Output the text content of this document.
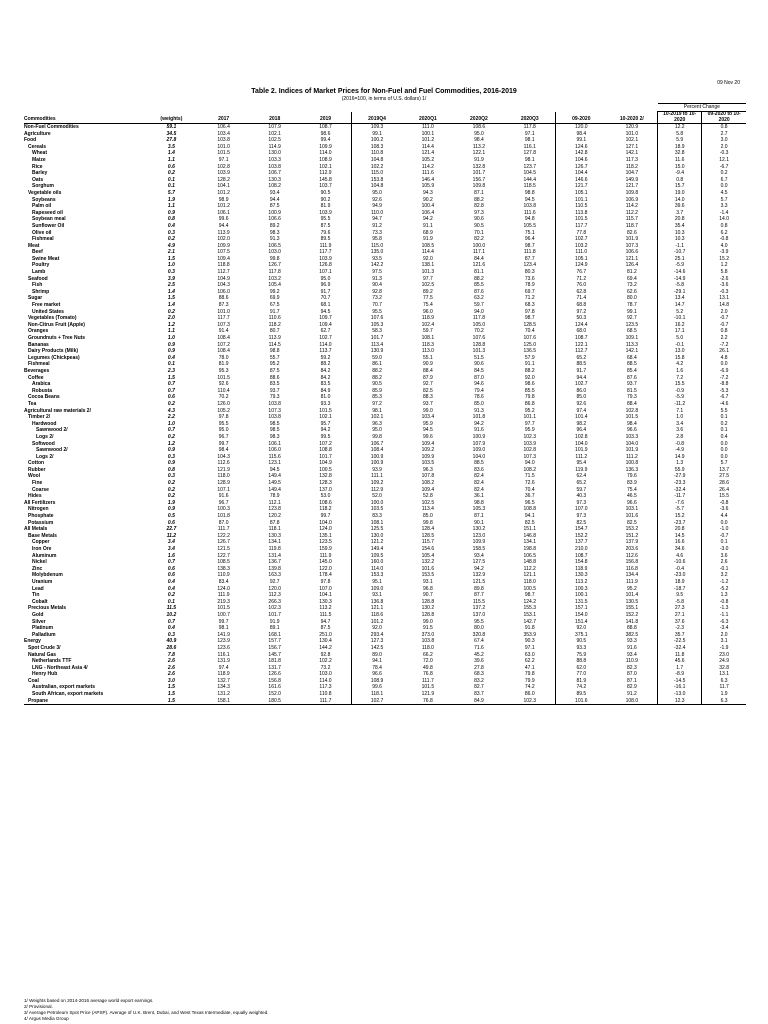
09 Nov 20
Table 2. Indices of Market Prices for Non-Fuel and Fuel Commodities, 2016-2019
(2016=100, in terms of U.S. dollars) 1/
											Percent Change	
Commodities	(weights)	2017	2018	2019	2019Q4	2020Q1	2020Q2	2020Q3	09-2020	10-2020 2/	10-2019 to 10-2020	09-2020 to 10-2020
Non-Fuel Commodities	59.1	106.4	107.9	108.7	109.3	111.0	108.6	117.8	120.0	120.9	12.2	0.8
Agriculture	34.5	103.4	102.1	98.6	99.1	100.1	95.0	97.1	98.4	101.0	5.8	2.7
Food	27.8	103.8	102.5	99.4	100.2	101.2	98.4	98.1	99.1	102.1	5.9	3.0
Cereals	3.5	101.0	114.9	109.9	108.3	114.4	113.2	116.1	124.6	127.1	18.9	2.0
Wheat	1.4	101.5	130.0	114.0	110.8	121.4	122.1	127.8	142.8	142.1	32.8	-0.3
Maize	1.1	97.1	103.3	108.9	104.8	105.2	91.9	98.1	104.6	117.3	11.6	12.1
Rice	0.6	102.8	103.8	102.1	102.2	114.2	132.8	123.7	126.7	118.2	15.0	-6.7
Barley	0.2	103.9	106.7	112.9	115.0	111.6	101.7	104.5	104.4	104.7	-9.4	0.2
Oats	0.1	128.2	130.3	145.8	153.8	146.4	156.7	144.4	146.6	149.9	0.8	6.7
Sorghum	0.1	104.1	108.2	103.7	104.8	105.9	109.8	118.5	121.7	121.7	15.7	0.0
Vegetable oils	5.7	101.2	93.4	90.5	95.0	94.3	87.1	98.8	105.1	109.8	19.0	4.5
Soybeans	1.9	98.9	94.4	90.2	92.6	90.2	88.2	94.5	101.1	106.9	14.0	5.7
Palm oil	1.1	101.2	87.5	81.9	94.9	100.4	82.8	103.8	110.5	114.2	39.6	3.3
Rapeseed oil	0.9	106.1	100.9	103.9	110.0	106.4	97.3	111.6	113.8	112.2	3.7	-1.4
Soybean meal	0.8	99.6	106.6	95.5	94.7	94.2	90.6	94.8	101.5	115.7	20.8	14.0
Sunflower Oil	0.4	94.4	89.2	87.5	91.2	91.1	90.5	105.5	117.7	118.7	35.4	0.8
Olive oil	0.3	113.9	98.3	79.6	73.3	68.9	70.1	75.1	77.8	82.6	10.3	6.2
Fishmeal	0.2	102.0	91.3	89.5	95.8	91.9	82.2	96.4	102.7	101.9	10.3	-0.8
Meat	4.9	109.9	106.5	111.9	115.0	108.5	100.0	98.7	103.2	107.3	-1.1	4.0
Beef	2.1	107.5	103.0	117.7	135.0	114.4	117.1	111.8	111.0	106.6	-10.7	-3.9
Swine Meat	1.5	109.4	99.8	103.9	93.5	92.0	84.4	87.7	105.1	121.1	25.1	15.2
Poultry	1.0	118.8	126.7	126.8	142.2	138.1	121.6	123.4	124.9	126.4	-5.9	1.2
Lamb	0.3	112.7	117.8	107.1	97.5	101.3	81.1	80.3	76.7	81.2	-14.6	5.8
Seafood	3.9	104.9	103.2	95.0	91.3	97.7	88.2	73.6	71.2	69.4	-14.9	-2.6
Fish	2.5	104.3	105.4	96.9	90.4	102.5	85.5	78.9	76.0	73.2	-5.8	-3.6
Shrimp	1.4	106.0	99.2	91.7	92.8	89.2	87.6	69.7	62.8	62.6	-29.1	-0.3
Sugar	1.5	88.6	69.9	70.7	73.2	77.5	63.2	71.2	71.4	80.0	13.4	13.1
Free market	1.4	87.3	67.5	68.1	70.7	75.4	59.7	68.3	68.8	78.7	14.7	14.8
United States	0.2	101.0	91.7	94.5	95.5	96.0	94.0	97.8	97.2	99.1	5.2	2.0
Vegetables (Tomato)	2.0	117.7	110.6	109.7	107.6	118.9	117.8	98.7	50.3	92.7	-10.1	-0.7
Non-Citrus Fruit (Apple)	1.2	107.3	118.2	109.4	105.3	102.4	105.0	128.5	124.4	123.5	16.2	-0.7
Oranges	1.1	91.4	80.7	62.7	58.3	59.7	70.2	70.4	68.0	68.5	17.1	0.8
Groundnuts + Tree Nuts	1.0	108.4	113.9	102.7	101.7	108.1	107.6	107.6	108.7	109.1	5.0	2.2
Bananas	0.9	107.2	114.5	114.0	113.4	118.3	128.8	125.0	122.1	113.3	-0.1	-7.2
Dairy Products (Milk)	0.9	108.4	98.8	113.7	130.9	113.0	101.3	136.5	112.7	142.1	13.0	26.1
Legumes (Chickpeas)	0.4	78.0	55.7	59.2	59.0	55.1	51.5	57.9	65.2	68.4	15.8	4.8
Fishmeal	0.1	81.9	95.2	88.2	86.1	90.9	90.6	91.1	88.5	88.5	4.2	0.0
Beverages	2.3	95.3	87.5	84.2	88.2	88.4	84.5	88.2	91.7	85.4	1.6	-6.9
Coffee	1.5	101.5	88.6	84.2	88.2	87.9	87.0	92.0	94.4	87.6	7.2	-7.2
Arabica	0.7	92.6	83.5	83.5	90.5	92.7	94.6	98.6	102.7	93.7	15.5	-8.8
Robusta	0.7	110.4	93.7	84.9	85.9	82.5	79.4	85.5	86.0	81.5	-0.9	-5.3
Cocoa Beans	0.6	70.2	79.3	81.0	85.3	88.3	78.6	79.8	85.0	79.3	-5.9	-6.7
Tea	0.2	126.0	103.8	93.3	97.2	93.7	85.0	86.8	92.6	88.4	-11.2	-4.6
Agricultural raw materials 2/	4.3	105.2	107.3	101.5	98.1	99.0	91.3	95.2	97.4	102.8	7.1	5.5
Timber 2/	2.2	97.8	103.8	102.1	102.1	103.4	101.8	101.1	101.4	101.5	1.0	0.1
Hardwood	1.0	95.5	98.5	95.7	96.3	95.9	94.2	97.7	98.2	98.4	3.4	0.2
Sawnwood 2/	0.7	95.0	98.5	94.2	95.0	94.5	91.6	95.9	96.4	96.6	3.6	0.1
Logs 2/	0.2	96.7	98.3	99.5	99.8	99.6	100.9	102.3	102.8	103.3	2.8	0.4
Softwood	1.2	99.7	106.1	107.2	106.7	109.4	107.9	103.9	104.0	104.0	-0.8	0.0
Sawnwood 2/	0.9	98.4	106.0	108.8	108.4	109.2	109.0	102.8	101.9	101.9	-4.9	0.0
Logs 2/	0.3	104.3	115.6	101.7	100.9	109.9	104.0	107.3	111.2	111.2	14.9	0.0
Cotton	0.9	112.6	123.1	104.9	100.9	103.5	88.5	94.0	95.4	100.8	1.3	5.7
Rubber	0.8	121.9	94.5	100.5	93.9	96.3	83.6	108.2	119.9	136.3	55.9	13.7
Wool	0.3	118.0	149.4	132.8	111.1	107.8	82.4	71.5	62.4	79.6	-27.9	27.5
Fine	0.2	128.9	149.5	128.3	109.2	108.2	82.4	72.6	65.2	83.9	-23.3	28.6
Coarse	0.2	107.1	149.4	137.0	112.9	109.4	82.4	70.4	59.7	75.4	-32.4	26.4
Hides	0.2	91.6	78.9	53.0	52.0	52.8	36.1	36.7	40.3	46.5	-11.7	15.5
All Fertilizers	1.9	96.7	112.1	108.6	100.0	102.5	98.8	96.5	97.3	96.6	-7.6	-0.8
Nitrogen	0.9	100.3	123.8	118.2	103.5	113.4	105.3	108.8	107.0	103.1	-5.7	-3.6
Phosphate	0.5	101.8	120.2	99.7	83.3	85.0	87.1	94.1	97.3	101.6	15.2	4.4
Potassium	0.6	87.0	87.8	104.0	108.1	99.8	90.1	82.5	82.5	82.5	-23.7	0.0
All Metals	22.7	111.7	118.1	124.0	125.5	128.4	130.2	151.1	154.7	153.2	20.8	-1.0
Base Metals	11.2	122.2	130.3	135.1	130.0	128.5	123.0	146.8	152.2	151.2	14.5	-0.7
Copper	3.4	126.7	134.1	123.5	121.2	115.7	109.9	134.1	137.7	137.9	16.6	0.1
Iron Ore	3.4	121.5	119.8	159.9	149.4	154.6	158.5	198.8	210.0	203.6	34.6	-3.0
Aluminum	1.6	122.7	131.4	111.9	109.5	105.4	93.4	106.5	108.7	112.6	4.6	3.6
Nickel	0.7	108.5	136.7	145.0	160.0	132.2	127.5	148.8	154.8	156.8	-10.6	2.6
Zinc	0.6	138.3	139.8	122.0	114.0	101.6	94.2	112.2	118.9	116.8	-0.4	-0.1
Molybdenum	0.6	110.9	163.3	178.4	153.3	153.5	132.9	121.1	130.3	134.4	-23.0	3.2
Uranium	0.4	83.4	92.7	97.8	95.1	93.1	121.5	118.0	113.2	111.9	18.9	-1.2
Lead	0.4	124.0	120.0	107.0	109.0	96.8	89.8	100.5	100.3	95.2	-18.7	-5.2
Tin	0.2	111.9	112.3	104.1	93.1	90.7	87.7	98.7	100.1	101.4	9.5	1.3
Cobalt	0.1	219.3	266.3	130.3	136.8	128.8	115.5	124.2	131.5	130.5	-5.8	-0.8
Precious Metals	11.5	101.5	102.3	113.2	121.1	130.2	137.2	155.3	157.1	155.1	27.3	-1.3
Gold	10.2	100.7	101.7	111.5	118.6	128.8	137.0	153.1	154.0	152.2	27.1	-1.1
Silver	0.7	99.7	91.9	94.7	101.2	99.0	95.5	142.7	151.4	141.8	37.6	-6.3
Platinum	0.4	98.1	89.1	87.5	92.0	91.5	80.0	91.8	92.0	88.8	-2.3	-3.4
Palladium	0.3	141.9	168.1	251.0	293.4	373.0	320.8	353.9	375.1	382.5	35.7	2.0
Energy	40.9	123.9	157.7	130.4	127.3	103.8	67.4	90.3	90.5	93.3	-22.5	3.1
Spot Crude 3/	28.6	123.6	156.7	144.2	142.5	118.0	71.6	97.1	93.3	91.6	-32.4	-1.9
Natural Gas	7.8	116.1	145.7	92.8	89.0	66.2	45.2	63.0	75.9	93.4	11.8	23.0
Netherlands TTF	2.6	131.9	181.8	102.2	94.1	72.0	39.6	62.2	88.8	110.9	45.6	24.9
LNG - Northeast Asia 4/	2.6	97.4	131.7	73.2	78.4	49.8	27.8	47.1	62.0	82.3	1.7	32.8
Henry Hub	2.6	118.9	126.6	103.0	96.6	76.8	68.3	79.8	77.0	87.0	-8.9	13.1
Coal	3.0	132.7	156.8	114.0	108.9	111.7	83.2	79.9	81.9	87.1	-14.5	6.3
Australian, export markets	1.5	134.3	161.6	117.3	99.6	101.5	82.7	74.2	74.2	82.9	-16.1	11.7
South African, export markets	1.5	131.2	152.0	110.8	118.1	121.9	83.7	86.0	89.5	91.2	-13.0	1.9
Propane	1.5	158.1	180.5	111.7	102.7	76.8	84.9	102.3	101.6	108.0	12.3	6.3
1/ Weights based on 2014-2016 average world export earnings.
2/ Provisional.
3/ Average Petroleum Spot Price (APSP). Average of U.K. Brent, Dubai, and West Texas Intermediate, equally weighted.
4/ Argus Media Group
